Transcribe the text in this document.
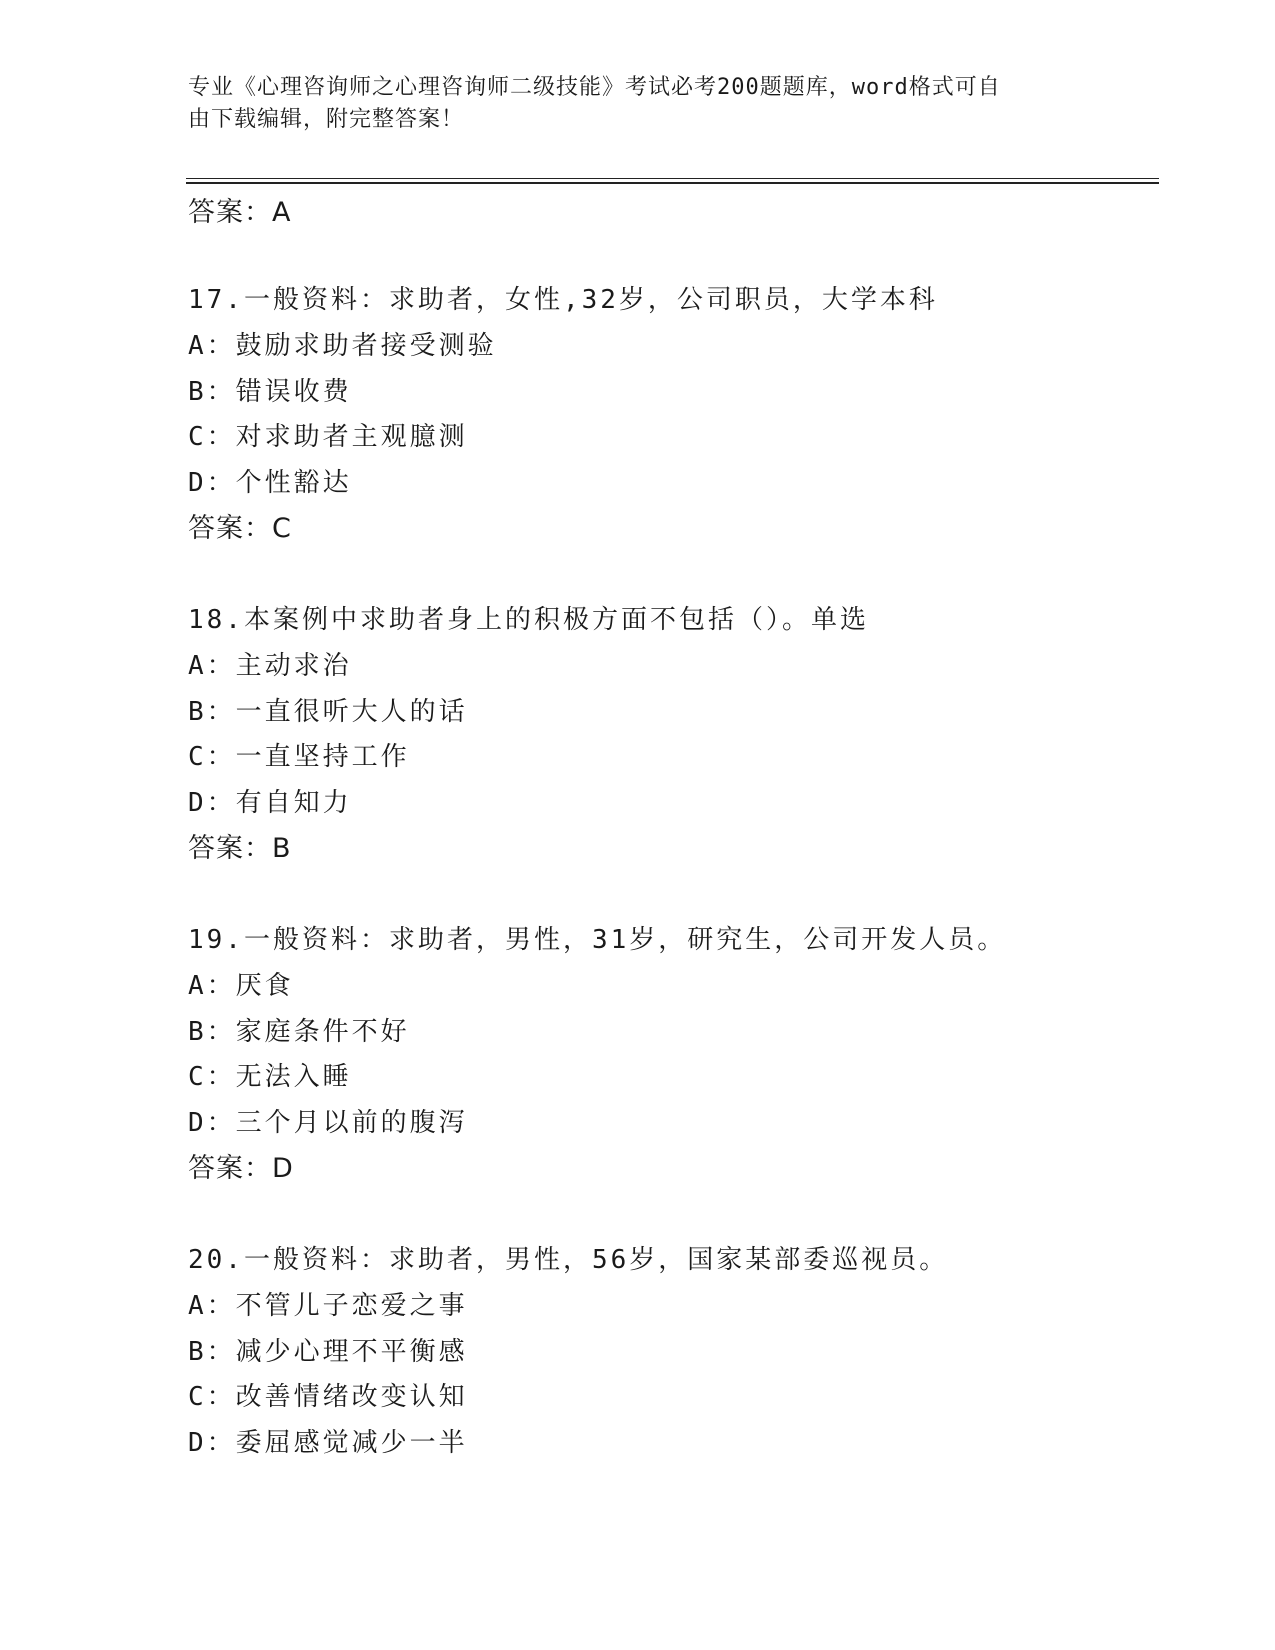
专业《心理咨询师之心理咨询师二级技能》考试必考200题题库，word格式可自
由下载编辑，附完整答案！
答案：A
17.一般资料：求助者，女性,32岁，公司职员，大学本科
A：鼓励求助者接受测验
B：错误收费
C：对求助者主观臆测
D：个性豁达
答案：C
18.本案例中求助者身上的积极方面不包括（）。单选
A：主动求治
B：一直很听大人的话
C：一直坚持工作
D：有自知力
答案：B
19.一般资料：求助者，男性，31岁，研究生，公司开发人员。
A：厌食
B：家庭条件不好
C：无法入睡
D：三个月以前的腹泻
答案：D
20.一般资料：求助者，男性，56岁，国家某部委巡视员。
A：不管儿子恋爱之事
B：减少心理不平衡感
C：改善情绪改变认知
D：委屈感觉减少一半
